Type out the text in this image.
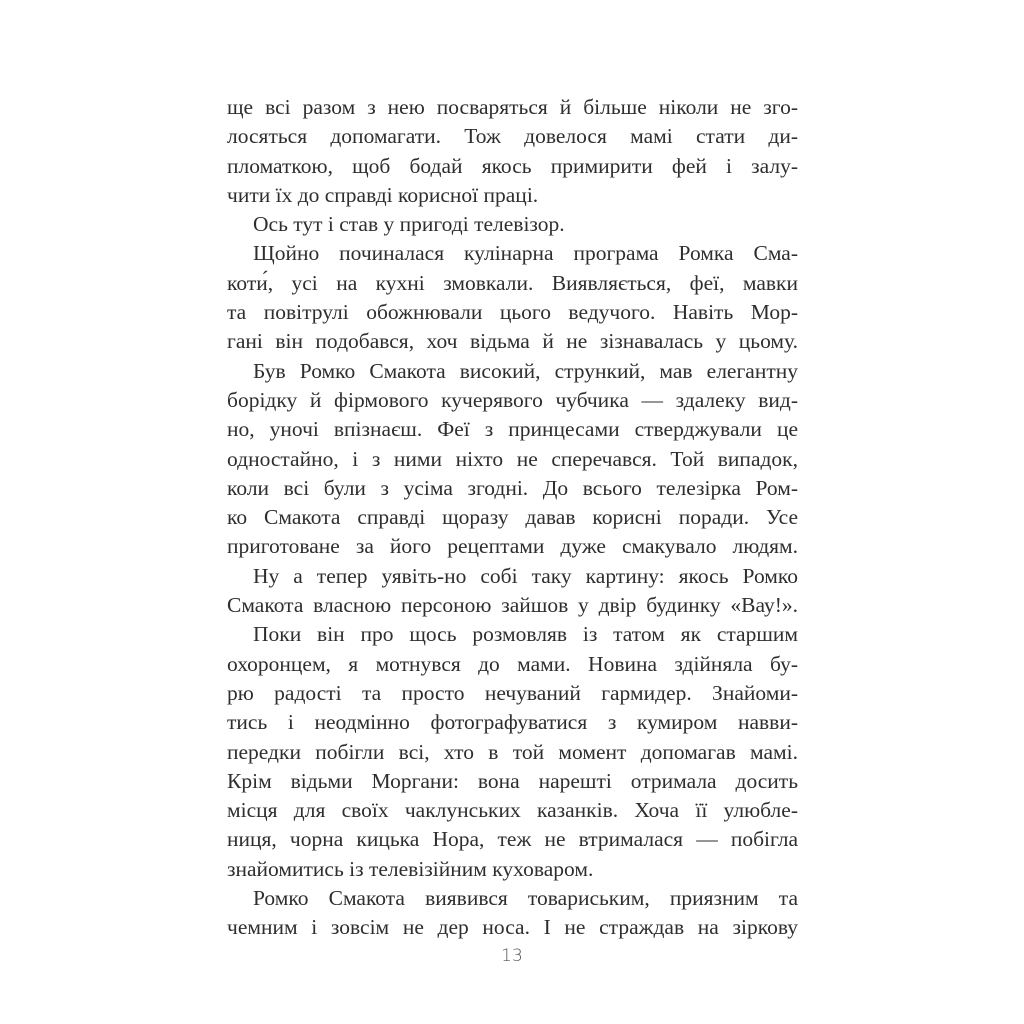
ще всі разом з нею посваряться й більше ніколи не зго-
лосяться допомагати. Тож довелося мамі стати ди-
пломаткою, щоб бодай якось примирити фей і залу-
чити їх до справді корисної праці.
Ось тут і став у пригоді телевізор.
Щойно починалася кулінарна програма Ромка Сма-
коти́, усі на кухні змовкали. Виявляється, феї, мавки
та повітрулі обожнювали цього ведучого. Навіть Мор-
гані він подобався, хоч відьма й не зізнавалась у цьому.
Був Ромко Смакота високий, стрункий, мав елегантну
борідку й фірмового кучерявого чубчика — здалеку вид-
но, уночі впізнаєш. Феї з принцесами стверджували це
одностайно, і з ними ніхто не сперечався. Той випадок,
коли всі були з усіма згодні. До всього телезірка Ром-
ко Смакота справді щоразу давав корисні поради. Усе
приготоване за його рецептами дуже смакувало людям.
Ну а тепер уявіть-но собі таку картину: якось Ромко
Смакота власною персоною зайшов у двір будинку «Вау!».
Поки він про щось розмовляв із татом як старшим
охоронцем, я мотнувся до мами. Новина здійняла бу-
рю радості та просто нечуваний гармидер. Знайоми-
тись і неодмінно фотографуватися з кумиром навви-
передки побігли всі, хто в той момент допомагав мамі.
Крім відьми Моргани: вона нарешті отримала досить
місця для своїх чаклунських казанків. Хоча її улюбле-
ниця, чорна кицька Нора, теж не втрималася — побігла
знайомитись із телевізійним куховаром.
Ромко Смакота виявився товариським, приязним та
чемним і зовсім не дер носа. І не страждав на зіркову
13
